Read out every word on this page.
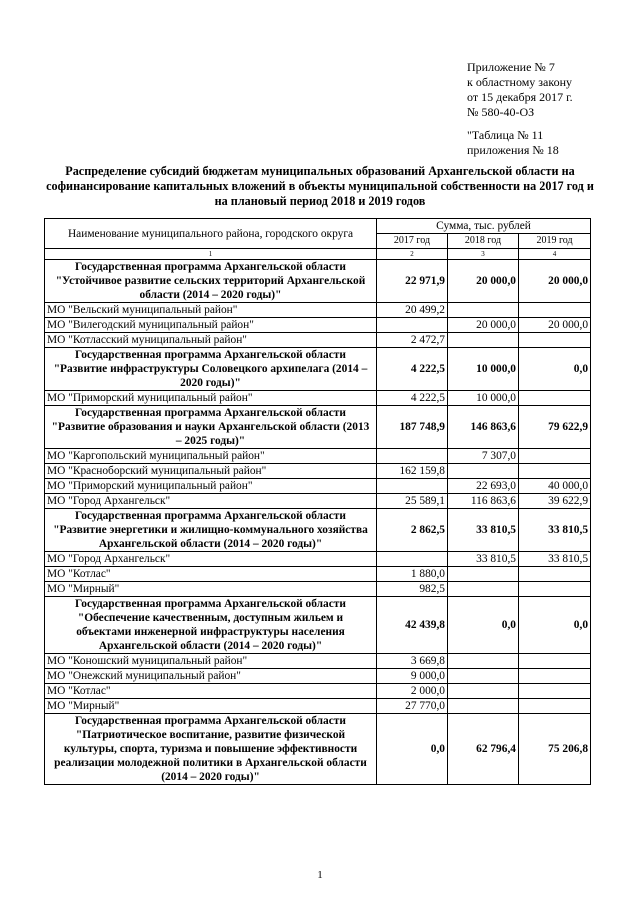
Приложение № 7
к областному закону
от 15 декабря 2017 г.
№ 580-40-ОЗ
"Таблица № 11
приложения № 18
Распределение субсидий бюджетам муниципальных образований Архангельской области на софинансирование капитальных вложений в объекты муниципальной собственности на 2017 год и на плановый период 2018 и 2019 годов
Наименование муниципального района, городского округа	Сумма, тыс. рублей		
	2017 год	2018 год	2019 год
1	2	3	4
Государственная программа Архангельской области "Устойчивое развитие сельских территорий Архангельской области (2014 – 2020 годы)"	22 971,9	20 000,0	20 000,0
МО "Вельский муниципальный район"	20 499,2		
МО "Вилегодский муниципальный район"		20 000,0	20 000,0
МО "Котласский муниципальный район"	2 472,7		
Государственная программа Архангельской области "Развитие инфраструктуры Соловецкого архипелага (2014 – 2020 годы)"	4 222,5	10 000,0	0,0
МО "Приморский муниципальный район"	4 222,5	10 000,0	
Государственная программа Архангельской области "Развитие образования и науки Архангельской области (2013 – 2025 годы)"	187 748,9	146 863,6	79 622,9
МО "Каргопольский муниципальный район"		7 307,0	
МО "Красноборский муниципальный район"	162 159,8		
МО "Приморский муниципальный район"		22 693,0	40 000,0
МО "Город Архангельск"	25 589,1	116 863,6	39 622,9
Государственная программа Архангельской области "Развитие энергетики и жилищно-коммунального хозяйства Архангельской области (2014 – 2020 годы)"	2 862,5	33 810,5	33 810,5
МО "Город Архангельск"		33 810,5	33 810,5
МО "Котлас"	1 880,0		
МО "Мирный"	982,5		
Государственная программа Архангельской области "Обеспечение качественным, доступным жильем и объектами инженерной инфраструктуры населения Архангельской области (2014 – 2020 годы)"	42 439,8	0,0	0,0
МО "Коношский муниципальный район"	3 669,8		
МО "Онежский муниципальный район"	9 000,0		
МО "Котлас"	2 000,0		
МО "Мирный"	27 770,0		
Государственная программа Архангельской области "Патриотическое воспитание, развитие физической культуры, спорта, туризма и повышение эффективности реализации молодежной политики в Архангельской области (2014 – 2020 годы)"	0,0	62 796,4	75 206,8
1
